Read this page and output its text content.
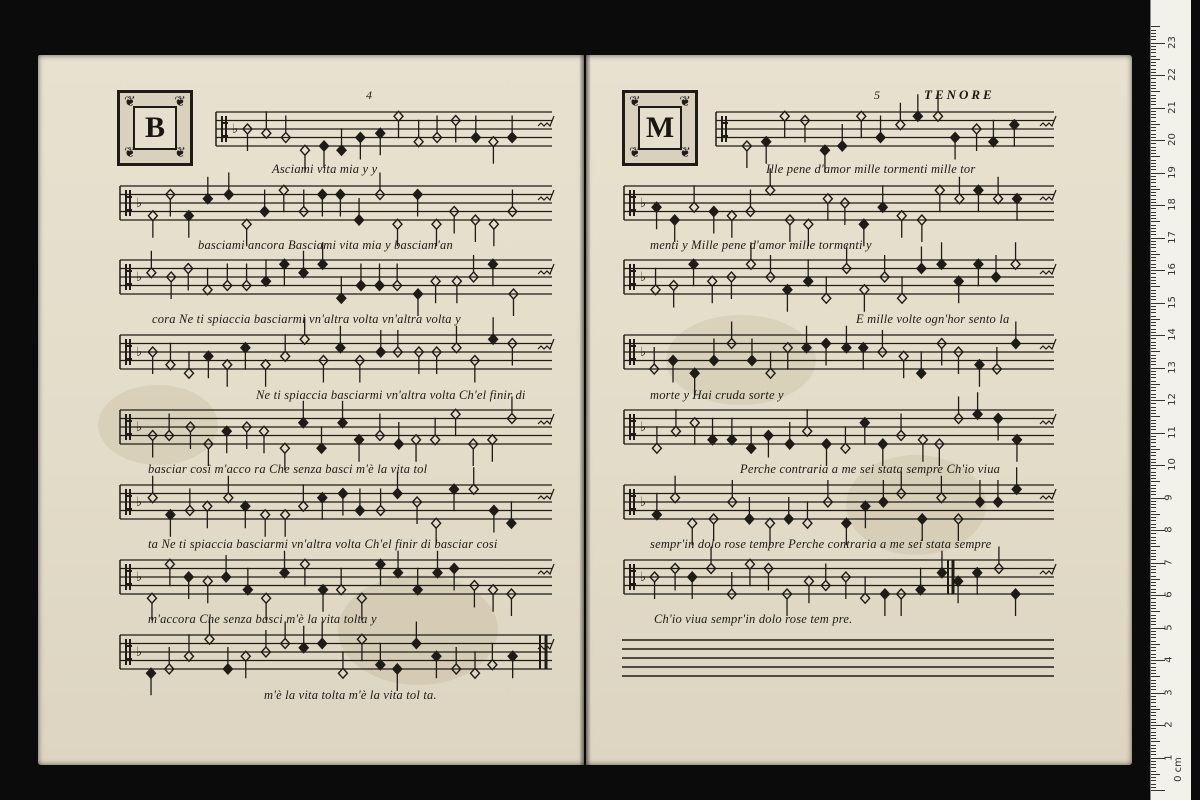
0 cm
1
2
3
4
5
6
7
8
9
10
11
12
13
14
15
16
17
18
19
20
21
22
23
❦	❦
❦	❦
B
❦	❦
❦	❦
M
4	5	TENORE
♭
♭
♭
♭
♭
♭
♭
♭
♭
♭
♭
♭
♭
♭
Asciami vita mia y y
basciami ancora Basciami vita mia y basciam'an
cora Ne ti spiaccia basciarmi vn'altra volta vn'altra volta y
Ne ti spiaccia basciarmi vn'altra volta Ch'el finir di
basciar cosi m'acco ra Che senza basci m'è la vita tol
ta Ne ti spiaccia basciarmi vn'altra volta Ch'el finir di basciar cosi
m'accora Che senza basci m'è la vita tolta y
m'è la vita tolta m'è la vita tol ta.
Ille pene d'amor mille tormenti mille tor
menti y Mille pene d'amor mille tormenti y
E mille volte ogn'hor sento la
morte y Hai cruda sorte y
Perche contraria a me sei stata sempre Ch'io viua
sempr'in dolo rose tempre Perche contraria a me sei stata sempre
Ch'io viua sempr'in dolo rose tem pre.
